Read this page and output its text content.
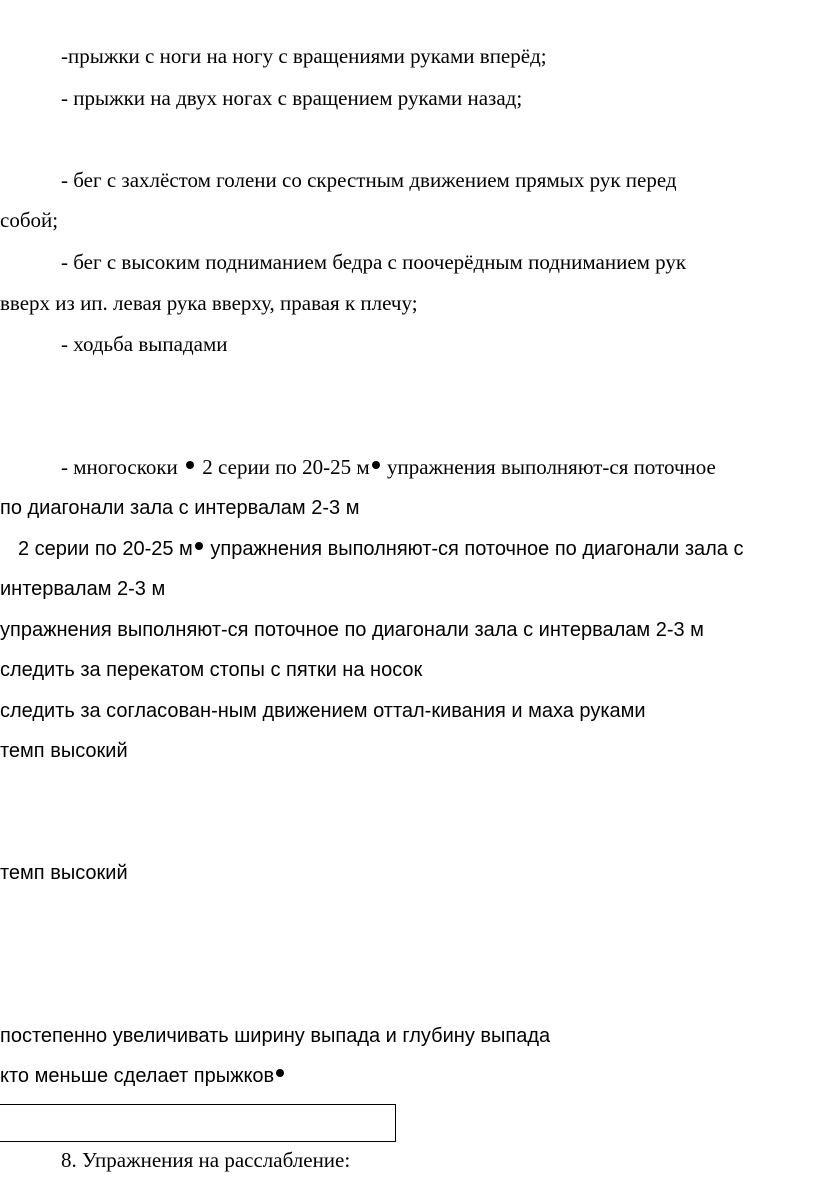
-прыжки с ноги на ногу с вращениями руками вперёд;
- прыжки на двух ногах с вращением руками назад;
- бег с захлёстом голени со скрестным движением прямых рук перед
собой;
- бег с высоким подниманием бедра с поочерёдным подниманием рук
вверх из ип. левая рука вверху, правая к плечу;
- ходьба выпадами
- многоскоки 2 серии по 20-25 м упражнения выполняют-ся поточное
по диагонали зала с интервалам 2-3 м
2 серии по 20-25 м упражнения выполняют-ся поточное по диагонали зала с
интервалам 2-3 м
упражнения выполняют-ся поточное по диагонали зала с интервалам 2-3 м
следить за перекатом стопы с пятки на носок
следить за согласован-ным движением оттал-кивания и маха руками
темп высокий
темп высокий
постепенно увеличивать ширину выпада и глубину выпада
кто меньше сделает прыжков
8. Упражнения на расслабление:
